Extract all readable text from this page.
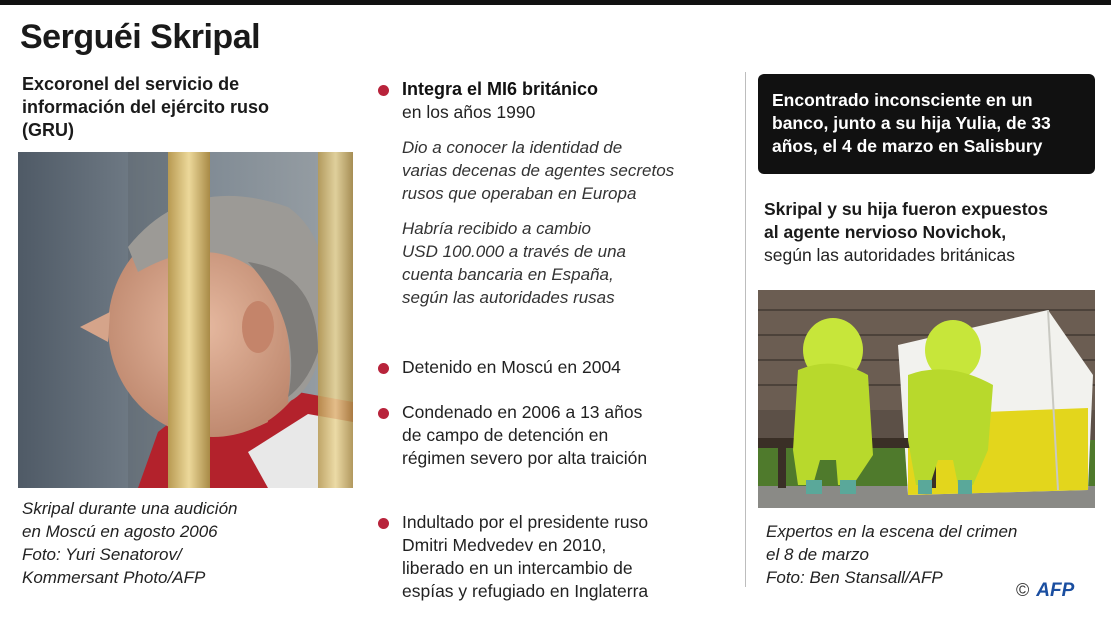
Serguéi Skripal
Excoronel del servicio de información del ejército ruso (GRU)
Skripal durante una audición
en Moscú en agosto 2006
Foto: Yuri Senatorov/
Kommersant Photo/AFP
Integra el MI6 británico
en los años 1990
Dio a conocer la identidad de
varias decenas de agentes secretos
rusos que operaban en Europa
Habría recibido a cambio
USD 100.000 a través de una
cuenta bancaria en España,
según las autoridades rusas
Detenido en Moscú en 2004
Condenado en 2006 a 13 años
de campo de detención en
régimen severo por alta traición
Indultado por el presidente ruso
Dmitri Medvedev en 2010,
liberado en un intercambio de
espías y refugiado en Inglaterra
Encontrado inconsciente en un
banco, junto a su hija Yulia, de 33
años, el 4 de marzo en Salisbury
Skripal y su hija fueron expuestos
al agente nervioso Novichok,
según las autoridades británicas
Expertos en la escena del crimen
el 8 de marzo
Foto: Ben Stansall/AFP
© AFP
